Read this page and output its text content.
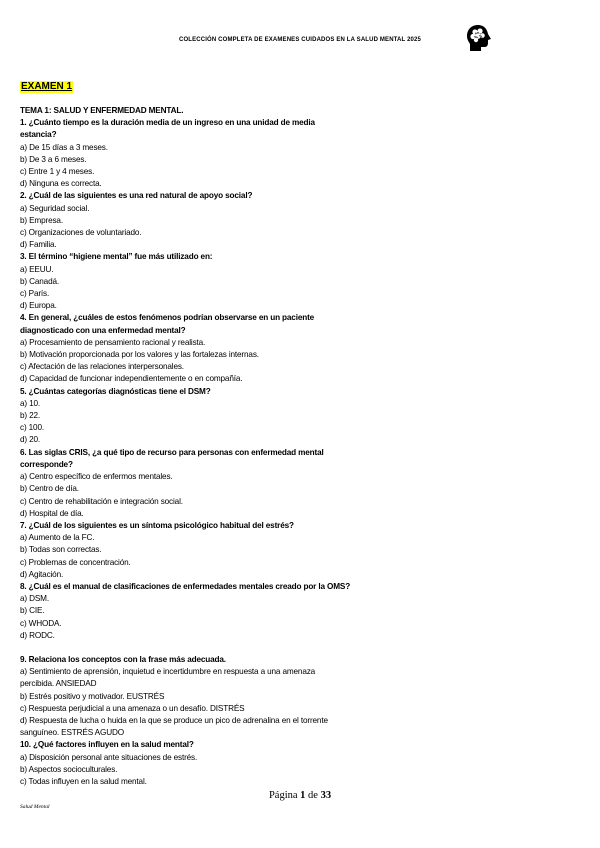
COLECCIÓN COMPLETA DE EXAMENES CUIDADOS EN LA SALUD MENTAL 2025
EXAMEN 1
TEMA 1: SALUD Y ENFERMEDAD MENTAL.
1. ¿Cuánto tiempo es la duración media de un ingreso en una unidad de media
estancia?
a) De 15 días a 3 meses.
b) De 3 a 6 meses.
c) Entre 1 y 4 meses.
d) Ninguna es correcta.
2. ¿Cuál de las siguientes es una red natural de apoyo social?
a) Seguridad social.
b) Empresa.
c) Organizaciones de voluntariado.
d) Familia.
3. El término “higiene mental” fue más utilizado en:
a) EEUU.
b) Canadá.
c) París.
d) Europa.
4. En general, ¿cuáles de estos fenómenos podrían observarse en un paciente
diagnosticado con una enfermedad mental?
a) Procesamiento de pensamiento racional y realista.
b) Motivación proporcionada por los valores y las fortalezas internas.
c) Afectación de las relaciones interpersonales.
d) Capacidad de funcionar independientemente o en compañía.
5. ¿Cuántas categorías diagnósticas tiene el DSM?
a) 10.
b) 22.
c) 100.
d) 20.
6. Las siglas CRIS, ¿a qué tipo de recurso para personas con enfermedad mental
corresponde?
a) Centro específico de enfermos mentales.
b) Centro de día.
c) Centro de rehabilitación e integración social.
d) Hospital de día.
7. ¿Cuál de los siguientes es un síntoma psicológico habitual del estrés?
a) Aumento de la FC.
b) Todas son correctas.
c) Problemas de concentración.
d) Agitación.
8. ¿Cuál es el manual de clasificaciones de enfermedades mentales creado por la OMS?
a) DSM.
b) CIE.
c) WHODA.
d) RODC.
9. Relaciona los conceptos con la frase más adecuada.
a) Sentimiento de aprensión, inquietud e incertidumbre en respuesta a una amenaza
percibida. ANSIEDAD
b) Estrés positivo y motivador. EUSTRÉS
c) Respuesta perjudicial a una amenaza o un desafío. DISTRÉS
d) Respuesta de lucha o huida en la que se produce un pico de adrenalina en el torrente
sanguíneo. ESTRÉS AGUDO
10. ¿Qué factores influyen en la salud mental?
a) Disposición personal ante situaciones de estrés.
b) Aspectos socioculturales.
c) Todas influyen en la salud mental.
Página 1 de 33
Salud Mental
